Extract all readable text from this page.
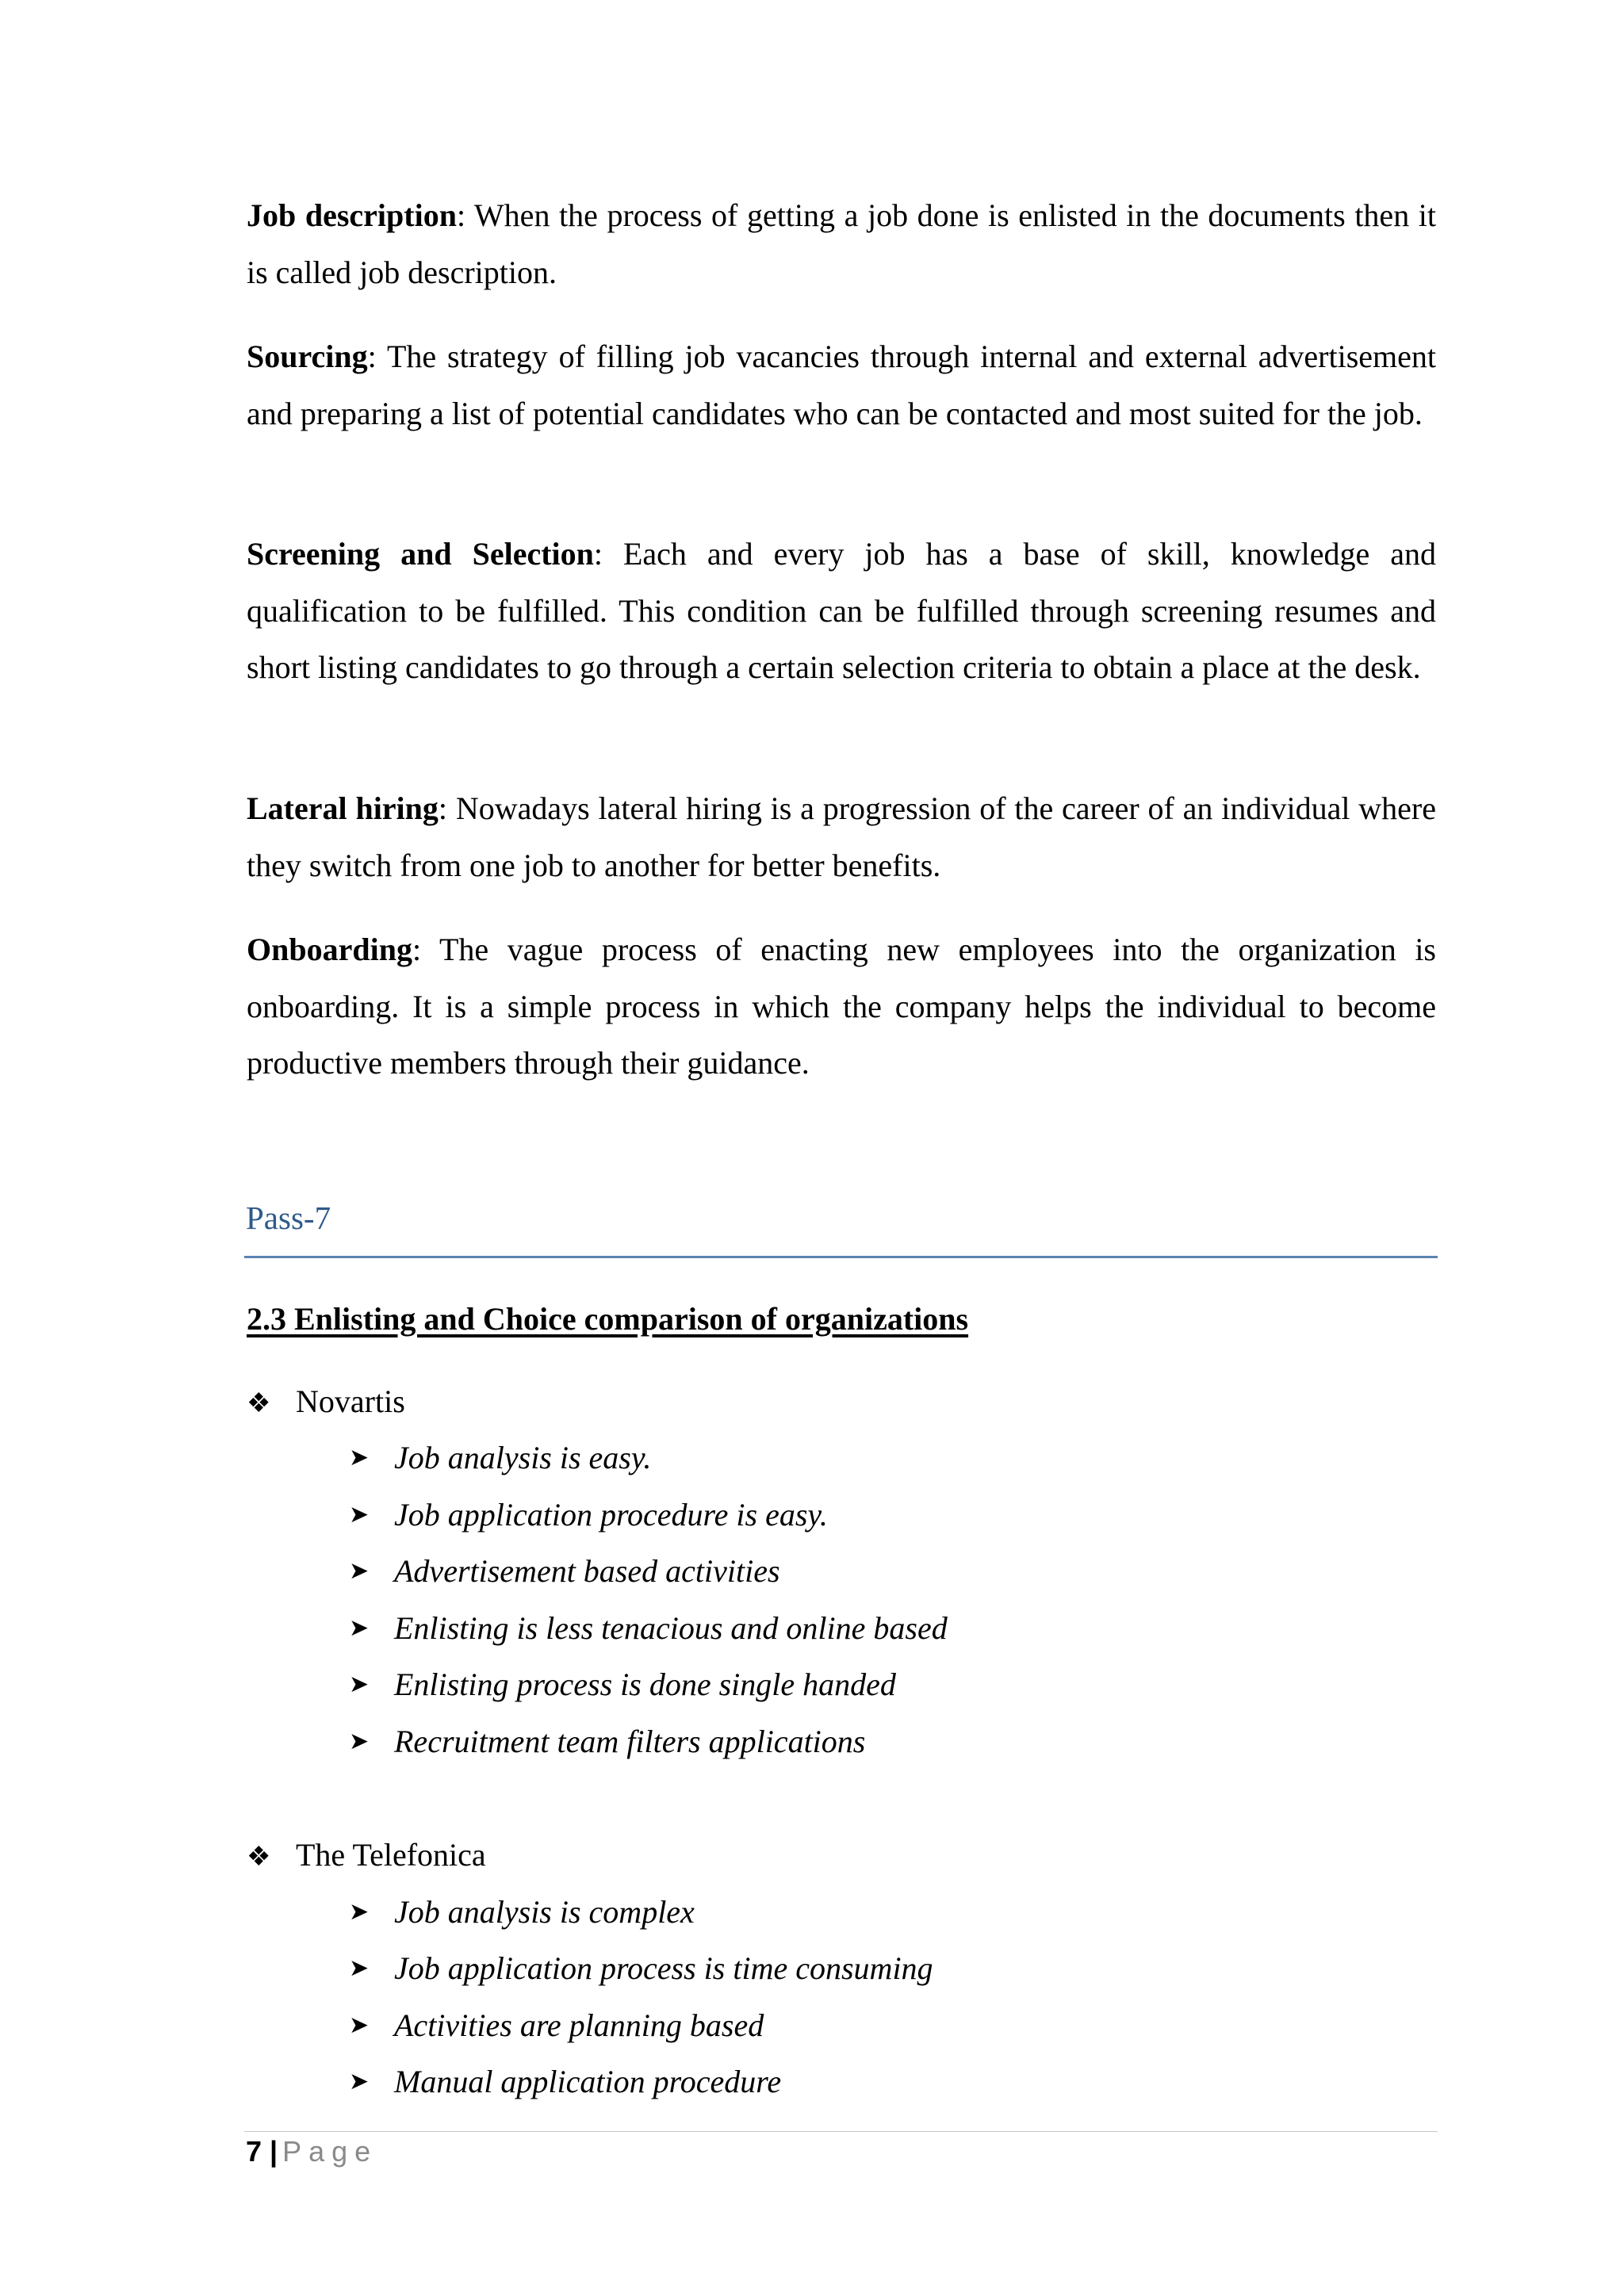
Job description: When the process of getting a job done is enlisted in the documents then it is called job description.

Sourcing: The strategy of filling job vacancies through internal and external advertisement and preparing a list of potential candidates who can be contacted and most suited for the job.

Screening and Selection: Each and every job has a base of skill, knowledge and qualification to be fulfilled. This condition can be fulfilled through screening resumes and short listing candidates to go through a certain selection criteria to obtain a place at the desk.

Lateral hiring: Nowadays lateral hiring is a progression of the career of an individual where they switch from one job to another for better benefits.

Onboarding: The vague process of enacting new employees into the organization is onboarding. It is a simple process in which the company helps the individual to become productive members through their guidance.

Pass-7
2.3 Enlisting and Choice comparison of organizations
❖ Novartis
➤ Job analysis is easy.
➤ Job application procedure is easy.
➤ Advertisement based activities
➤ Enlisting is less tenacious and online based
➤ Enlisting process is done single handed
➤ Recruitment team filters applications
❖ The Telefonica
➤ Job analysis is complex
➤ Job application process is time consuming
➤ Activities are planning based
➤ Manual application procedure
7 | Page
